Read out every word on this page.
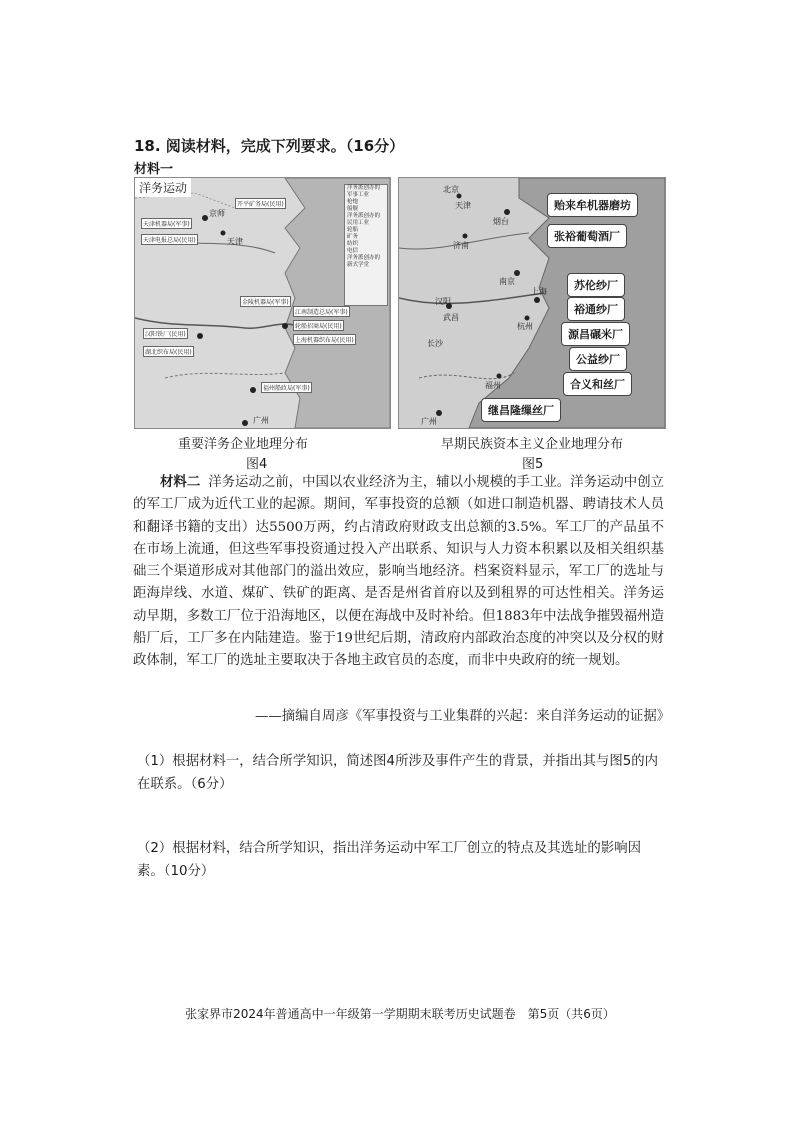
18. 阅读材料，完成下列要求。（16分）
材料一
洋务运动
京师
天津
广州
天津机器局(军事)
天津电报总局(民用)
开平矿务局(民用)
江南制造总局(军事)
轮船招商局(民用)
上海机器织布局(民用)
汉阳铁厂(民用)
湖北织布局(民用)
福州船政局(军事)
金陵机器局(军事)
洋务派创办的军事工业
枪炮
船舰
洋务派创办的民用工业
轮船
矿务
纺织
电信
洋务派创办的新式学堂
北京
天津
烟台
济南
南京
上海
杭州
汉阳
武昌
长沙
福州
广州
贻来牟机器磨坊
张裕葡萄酒厂
苏伦纱厂
裕通纱厂
源昌碾米厂
公益纱厂
合义和丝厂
继昌隆缫丝厂
重要洋务企业地理分布
图4
早期民族资本主义企业地理分布
图5
材料二 洋务运动之前，中国以农业经济为主，辅以小规模的手工业。洋务运动中创立的军工厂成为近代工业的起源。期间，军事投资的总额（如进口制造机器、聘请技术人员和翻译书籍的支出）达5500万两，约占清政府财政支出总额的3.5%。军工厂的产品虽不在市场上流通，但这些军事投资通过投入产出联系、知识与人力资本积累以及相关组织基础三个渠道形成对其他部门的溢出效应，影响当地经济。档案资料显示，军工厂的选址与距海岸线、水道、煤矿、铁矿的距离、是否是州省首府以及到租界的可达性相关。洋务运动早期，多数工厂位于沿海地区，以便在海战中及时补给。但1883年中法战争摧毁福州造船厂后，工厂多在内陆建造。鉴于19世纪后期，清政府内部政治态度的冲突以及分权的财政体制，军工厂的选址主要取决于各地主政官员的态度，而非中央政府的统一规划。
——摘编自周彦《军事投资与工业集群的兴起：来自洋务运动的证据》
（1）根据材料一，结合所学知识，简述图4所涉及事件产生的背景，并指出其与图5的内在联系。（6分）
（2）根据材料，结合所学知识，指出洋务运动中军工厂创立的特点及其选址的影响因素。（10分）
张家界市2024年普通高中一年级第一学期期末联考历史试题卷　第5页（共6页）
